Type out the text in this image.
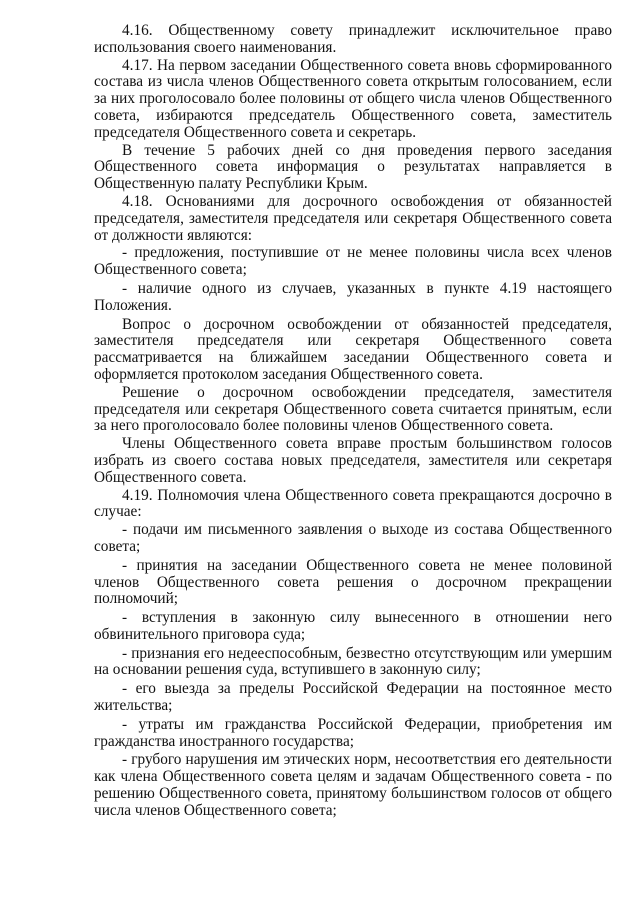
4.16. Общественному совету принадлежит исключительное право использования своего наименования.

4.17. На первом заседании Общественного совета вновь сформированного состава из числа членов Общественного совета открытым голосованием, если за них проголосовало более половины от общего числа членов Общественного совета, избираются председатель Общественного совета, заместитель председателя Общественного совета и секретарь.

В течение 5 рабочих дней со дня проведения первого заседания Общественного совета информация о результатах направляется в Общественную палату Республики Крым.

4.18. Основаниями для досрочного освобождения от обязанностей председателя, заместителя председателя или секретаря Общественного совета от должности являются:

- предложения, поступившие от не менее половины числа всех членов Общественного совета;

- наличие одного из случаев, указанных в пункте 4.19 настоящего Положения.

Вопрос о досрочном освобождении от обязанностей председателя, заместителя председателя или секретаря Общественного совета рассматривается на ближайшем заседании Общественного совета и оформляется протоколом заседания Общественного совета.

Решение о досрочном освобождении председателя, заместителя председателя или секретаря Общественного совета считается принятым, если за него проголосовало более половины членов Общественного совета.

Члены Общественного совета вправе простым большинством голосов избрать из своего состава новых председателя, заместителя или секретаря Общественного совета.

4.19. Полномочия члена Общественного совета прекращаются досрочно в случае:

- подачи им письменного заявления о выходе из состава Общественного совета;

- принятия на заседании Общественного совета не менее половиной членов Общественного совета решения о досрочном прекращении полномочий;

- вступления в законную силу вынесенного в отношении него обвинительного приговора суда;

- признания его недееспособным, безвестно отсутствующим или умершим на основании решения суда, вступившего в законную силу;

- его выезда за пределы Российской Федерации на постоянное место жительства;

- утраты им гражданства Российской Федерации, приобретения им гражданства иностранного государства;

- грубого нарушения им этических норм, несоответствия его деятельности как члена Общественного совета целям и задачам Общественного совета - по решению Общественного совета, принятому большинством голосов от общего числа членов Общественного совета;
